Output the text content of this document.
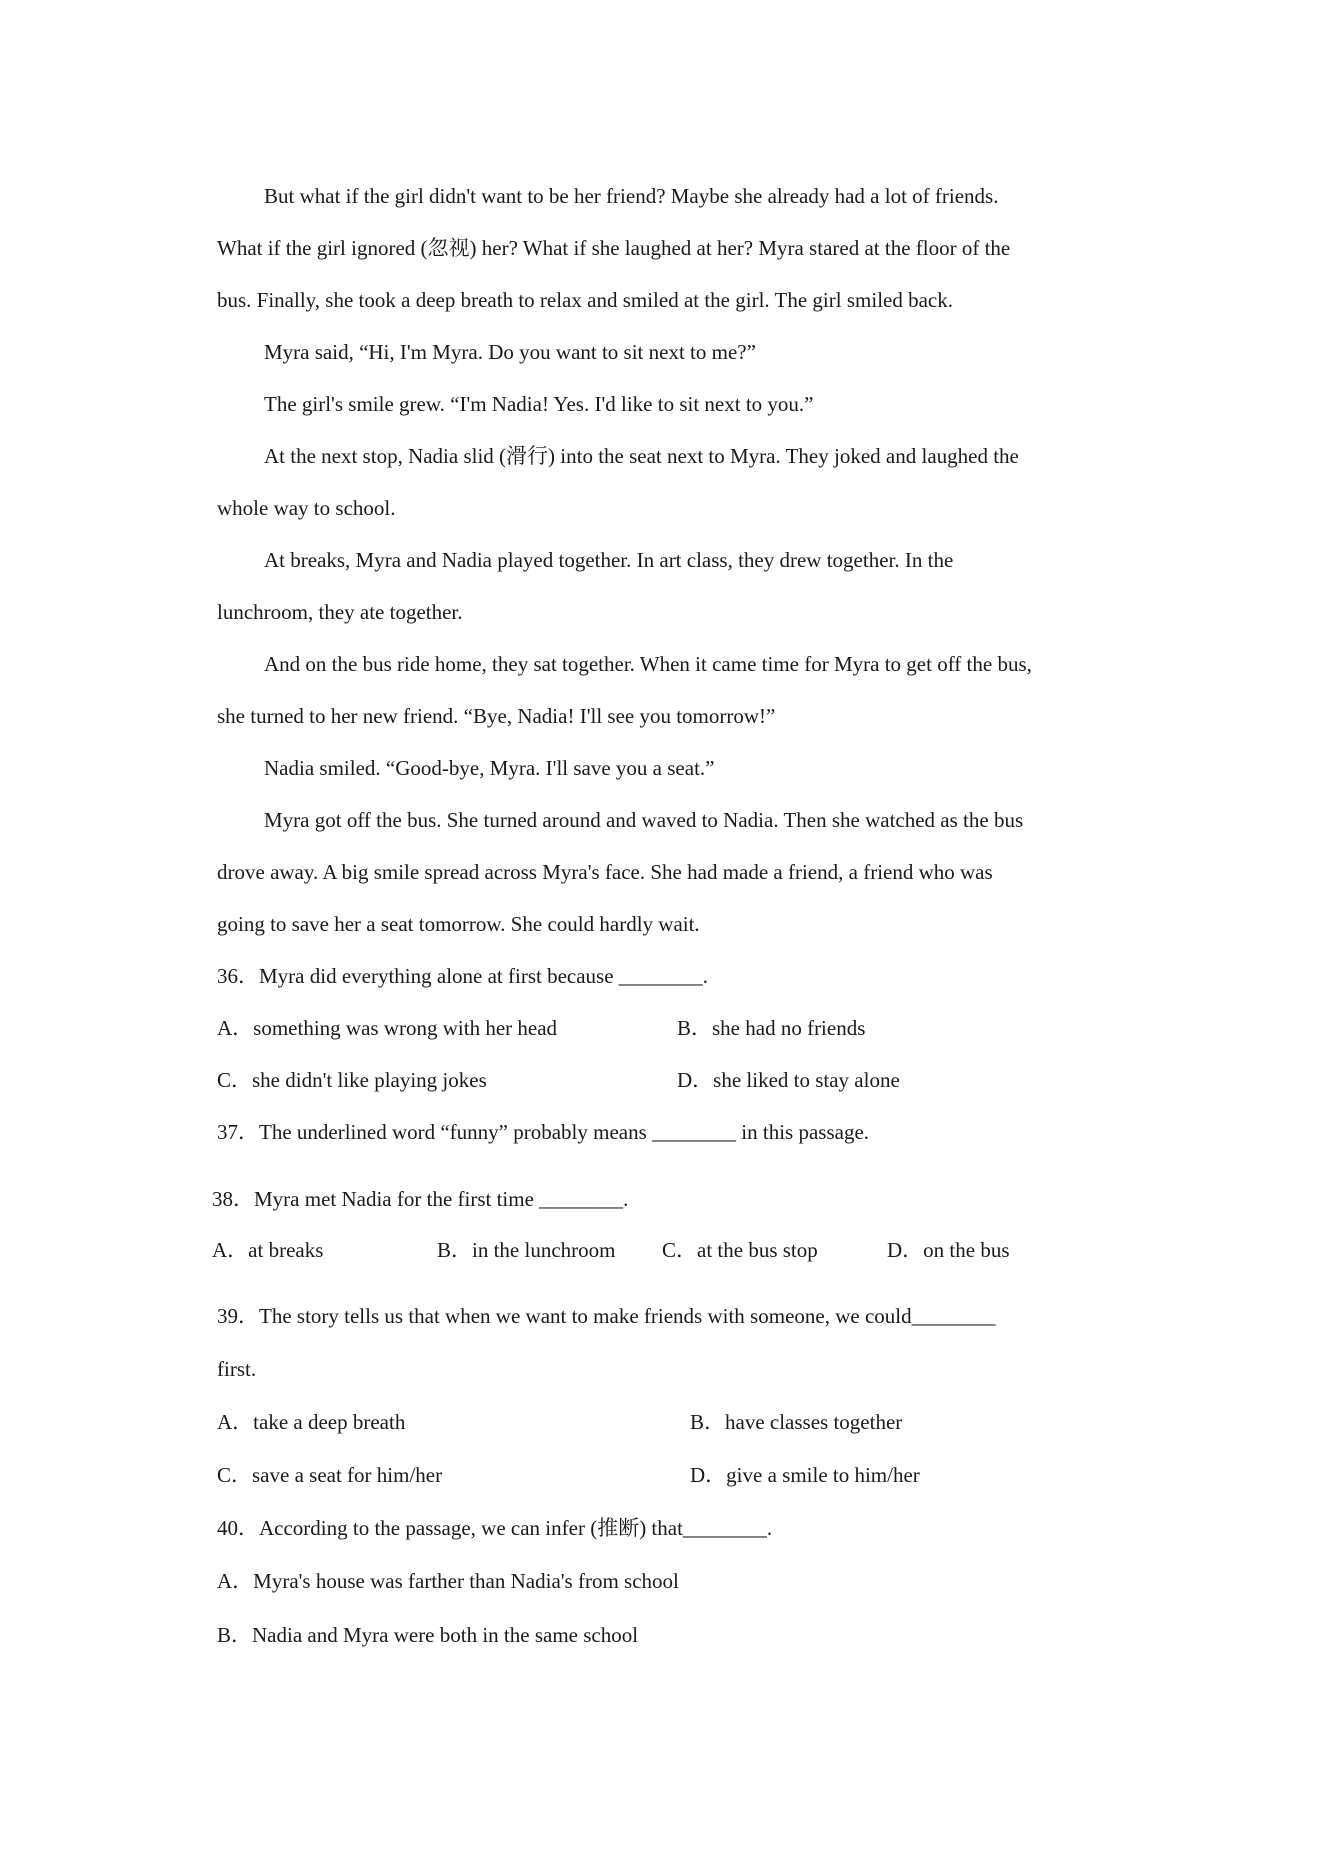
But what if the girl didn't want to be her friend? Maybe she already had a lot of friends.
What if the girl ignored (忽视) her? What if she laughed at her? Myra stared at the floor of the
bus. Finally, she took a deep breath to relax and smiled at the girl. The girl smiled back.
Myra said, “Hi, I'm Myra. Do you want to sit next to me?”
The girl's smile grew. “I'm Nadia! Yes. I'd like to sit next to you.”
At the next stop, Nadia slid (滑行) into the seat next to Myra. They joked and laughed the
whole way to school.
At breaks, Myra and Nadia played together. In art class, they drew together. In the
lunchroom, they ate together.
And on the bus ride home, they sat together. When it came time for Myra to get off the bus,
she turned to her new friend. “Bye, Nadia! I'll see you tomorrow!”
Nadia smiled. “Good-bye, Myra. I'll save you a seat.”
Myra got off the bus. She turned around and waved to Nadia. Then she watched as the bus
drove away. A big smile spread across Myra's face. She had made a friend, a friend who was
going to save her a seat tomorrow. She could hardly wait.
36．Myra did everything alone at first because ________.
A．something was wrong with her head	B．she had no friends
C．she didn't like playing jokes	D．she liked to stay alone
37．The underlined word “funny” probably means ________ in this passage.
38．Myra met Nadia for the first time ________.
A．at breaks	B．in the lunchroom C．at the bus stop	D．on the bus
39．The story tells us that when we want to make friends with someone, we could________
first.
A．take a deep breath	B．have classes together
C．save a seat for him/her	D．give a smile to him/her
40．According to the passage, we can infer (推断) that________.
A．Myra's house was farther than Nadia's from school
B．Nadia and Myra were both in the same school
